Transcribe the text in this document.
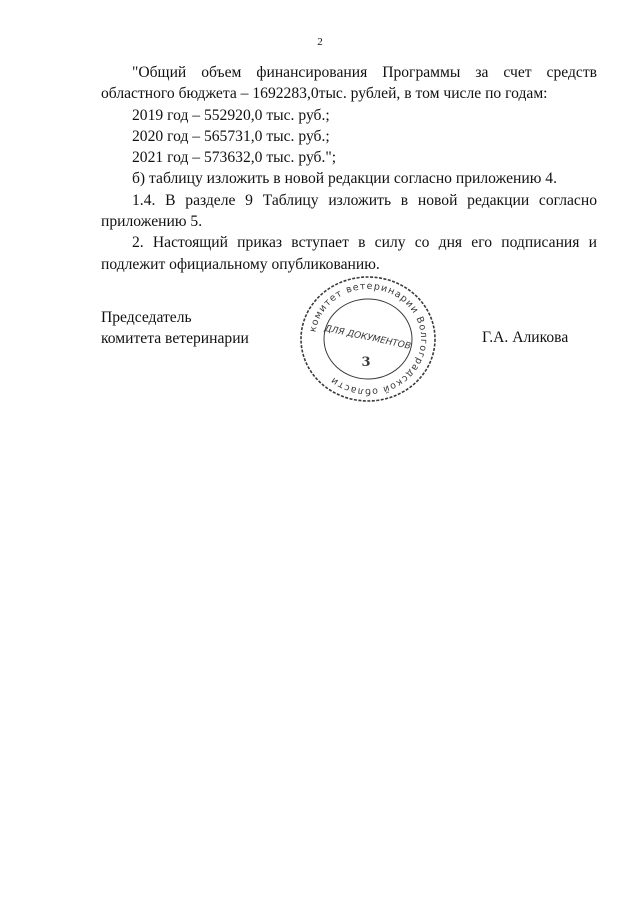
2

"Общий объем финансирования Программы за счет средств областного бюджета – 1692283,0тыс. рублей, в том числе по годам:

2019 год – 552920,0 тыс. руб.;

2020 год – 565731,0 тыс. руб.;

2021 год – 573632,0 тыс. руб.";

б) таблицу изложить в новой редакции согласно приложению 4.

1.4. В разделе 9 Таблицу изложить в новой редакции согласно приложению 5.

2. Настоящий приказ вступает в силу со дня его подписания и подлежит официальному опубликованию.

Председатель
комитета ветеринарии
комитет ветеринарии Волгоградской области
ДЛЯ ДОКУМЕНТОВ
3
Г.А. Аликова
